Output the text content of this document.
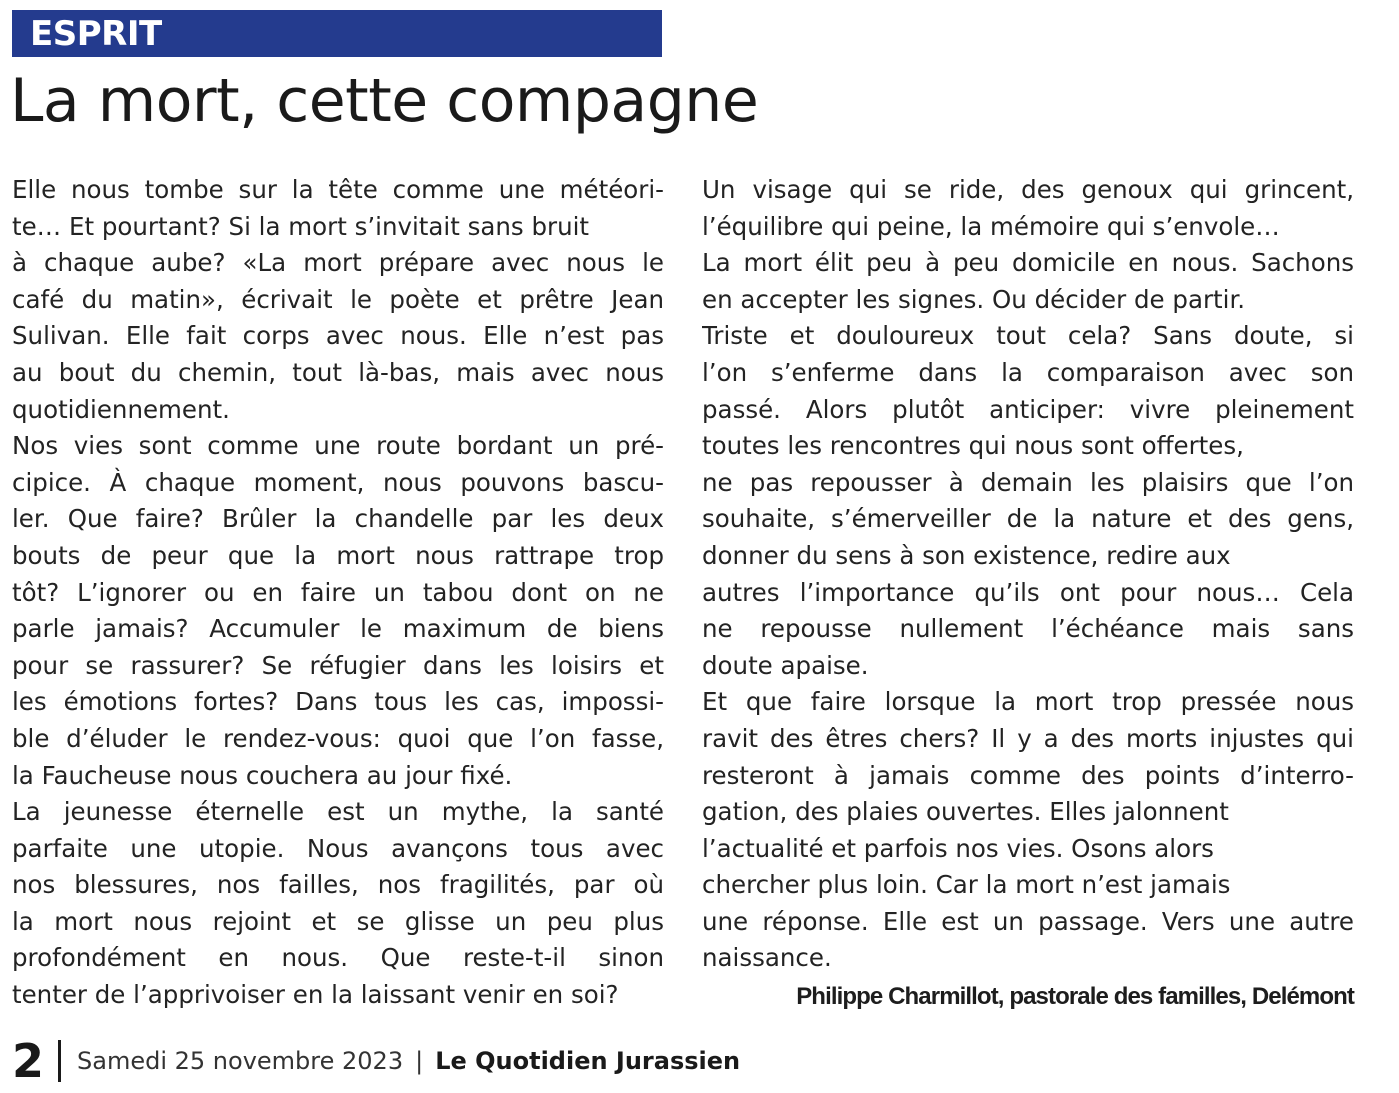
ESPRIT
La mort, cette compagne
Elle nous tombe sur la tête comme une météori-
te… Et pourtant? Si la mort s’invitait sans bruit
à chaque aube? «La mort prépare avec nous le
café du matin», écrivait le poète et prêtre Jean
Sulivan. Elle fait corps avec nous. Elle n’est pas
au bout du chemin, tout là-bas, mais avec nous
quotidiennement.
Nos vies sont comme une route bordant un pré-
cipice. À chaque moment, nous pouvons bascu-
ler. Que faire? Brûler la chandelle par les deux
bouts de peur que la mort nous rattrape trop
tôt? L’ignorer ou en faire un tabou dont on ne
parle jamais? Accumuler le maximum de biens
pour se rassurer? Se réfugier dans les loisirs et
les émotions fortes? Dans tous les cas, impossi-
ble d’éluder le rendez-vous: quoi que l’on fasse,
la Faucheuse nous couchera au jour fixé.
La jeunesse éternelle est un mythe, la santé
parfaite une utopie. Nous avançons tous avec
nos blessures, nos failles, nos fragilités, par où
la mort nous rejoint et se glisse un peu plus
profondément en nous. Que reste-t-il sinon
tenter de l’apprivoiser en la laissant venir en soi?
Un visage qui se ride, des genoux qui grincent,
l’équilibre qui peine, la mémoire qui s’envole…
La mort élit peu à peu domicile en nous. Sachons
en accepter les signes. Ou décider de partir.
Triste et douloureux tout cela? Sans doute, si
l’on s’enferme dans la comparaison avec son
passé. Alors plutôt anticiper: vivre pleinement
toutes les rencontres qui nous sont offertes,
ne pas repousser à demain les plaisirs que l’on
souhaite, s’émerveiller de la nature et des gens,
donner du sens à son existence, redire aux
autres l’importance qu’ils ont pour nous… Cela
ne repousse nullement l’échéance mais sans
doute apaise.
Et que faire lorsque la mort trop pressée nous
ravit des êtres chers? Il y a des morts injustes qui
resteront à jamais comme des points d’interro-
gation, des plaies ouvertes. Elles jalonnent
l’actualité et parfois nos vies. Osons alors
chercher plus loin. Car la mort n’est jamais
une réponse. Elle est un passage. Vers une autre
naissance.
Philippe Charmillot, pastorale des familles, Delémont
2 Samedi 25 novembre 2023 | Le Quotidien Jurassien
